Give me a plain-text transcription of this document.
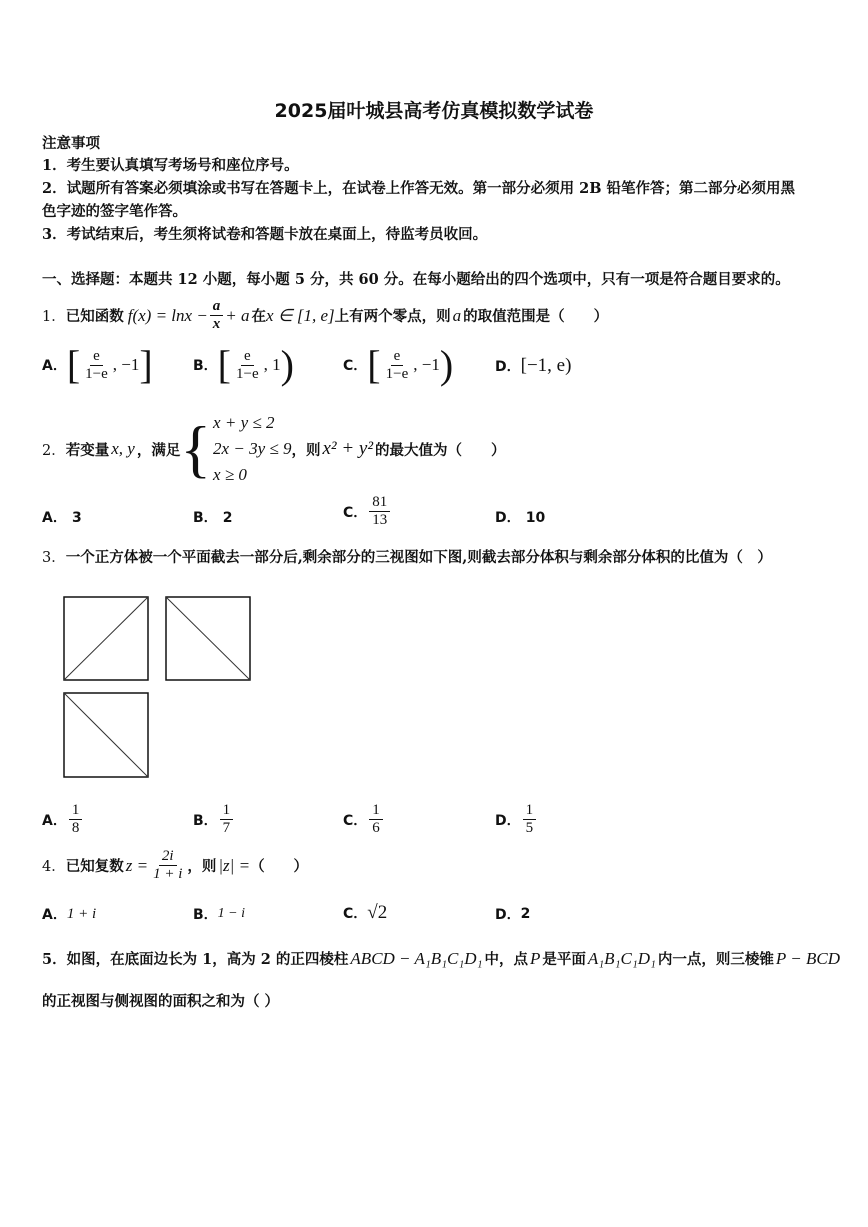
2025届叶城县高考仿真模拟数学试卷
注意事项
1．考生要认真填写考场号和座位序号。
2．试题所有答案必须填涂或书写在答题卡上，在试卷上作答无效。第一部分必须用 2B 铅笔作答；第二部分必须用黑
色字迹的签字笔作答。
3．考试结束后，考生须将试卷和答题卡放在桌面上，待监考员收回。
一、选择题：本题共 12 小题，每小题 5 分，共 60 分。在每小题给出的四个选项中，只有一项是符合题目要求的。
1． 已知函数 $f(x) = \ln x - \frac{a}{x} + a$ 在 x ∈ [1, e] 上有两个零点，则 a 的取值范围是（　　）
A． [ $\frac{e}{1-e}$ , −1 ]	B． [ $\frac{e}{1-e}$ , 1 )	C． [ $\frac{e}{1-e}$ , −1 )	D． [−1, e)
2． 若变量 x, y ，满足 { x + y ≤ 2
2x − 3y ≤ 9
x ≥ 0
，则 x² + y² 的最大值为（　　）
A． 3	B． 2	C． $\frac{81}{13}$	D． 10
3．一个正方体被一个平面截去一部分后,剩余部分的三视图如下图,则截去部分体积与剩余部分体积的比值为（　）
A． $\frac{1}{8}$	B． $\frac{1}{7}$	C． $\frac{1}{6}$	D． $\frac{1}{5}$
4． 已知复数 $z = \frac{2i}{1 + i}$ ，则 |z| = （　　）
A． 1 + i	B． 1 − i	C． √2	D． 2
5．如图，在底面边长为 1，高为 2 的正四棱柱 ABCD − A₁B₁C₁D₁ 中，点 P 是平面 A₁B₁C₁D₁ 内一点，则三棱锥 P − BCD
的正视图与侧视图的面积之和为（ ）
